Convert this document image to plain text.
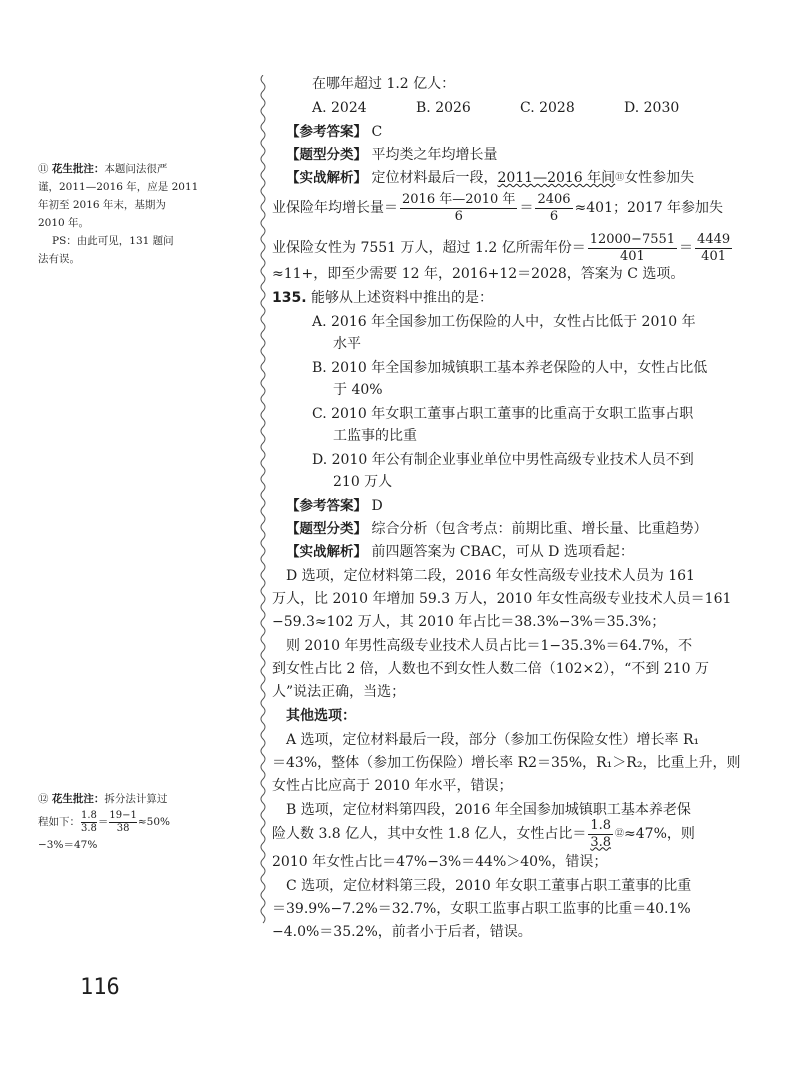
在哪年超过 1.2 亿人：
A. 2024	B. 2026	C. 2028	D. 2030
【参考答案】 C
【题型分类】 平均类之年均增长量
【实战解析】 定位材料最后一段，2011—2016 年间⑪女性参加失
业保险年均增长量＝ $\frac{\text{2016 年—2010 年}}{6} = \frac{2406}{6} \approx 401$；2017 年参加失
业保险女性为 7551 万人，超过 1.2 亿所需年份＝ $\frac{12000-7551}{401} = \frac{4449}{401}$
≈11+，即至少需要 12 年，2016+12＝2028，答案为 C 选项。
135. 能够从上述资料中推出的是：
A. 2016 年全国参加工伤保险的人中，女性占比低于 2010 年
水平
B. 2010 年全国参加城镇职工基本养老保险的人中，女性占比低
于 40%
C. 2010 年女职工董事占职工董事的比重高于女职工监事占职
工监事的比重
D. 2010 年公有制企业事业单位中男性高级专业技术人员不到
210 万人
【参考答案】 D
【题型分类】 综合分析（包含考点：前期比重、增长量、比重趋势）
【实战解析】 前四题答案为 CBAC，可从 D 选项看起：
D 选项，定位材料第二段，2016 年女性高级专业技术人员为 161
万人，比 2010 年增加 59.3 万人，2010 年女性高级专业技术人员＝161
−59.3≈102 万人，其 2010 年占比＝38.3%−3%＝35.3%；
则 2010 年男性高级专业技术人员占比＝1−35.3%＝64.7%，不
到女性占比 2 倍，人数也不到女性人数二倍（102×2），“不到 210 万
人”说法正确，当选；
其他选项：
A 选项，定位材料最后一段，部分（参加工伤保险女性）增长率 R₁
＝43%，整体（参加工伤保险）增长率 R2＝35%，R₁＞R₂，比重上升，则
女性占比应高于 2010 年水平，错误；
B 选项，定位材料第四段，2016 年全国参加城镇职工基本养老保
险人数 3.8 亿人，其中女性 1.8 亿人，女性占比＝ $\frac{1.8}{3.8} ^⑫\approx 47\%$，则
2010 年女性占比＝47%−3%＝44%＞40%，错误；
C 选项，定位材料第三段，2010 年女职工董事占职工董事的比重
＝39.9%−7.2%＝32.7%，女职工监事占职工监事的比重＝40.1%
−4.0%＝35.2%，前者小于后者，错误。
⑪ 花生批注：本题问法很严
谨，2011—2016 年，应是 2011
年初至 2016 年末，基期为
2010 年。
PS：由此可见，131 题问
法有误。
⑫ 花生批注：拆分法计算过
程如下： $\frac{1.8}{3.8}= \frac{19-1}{38}\approx 50\%$
−3%＝47%
116
